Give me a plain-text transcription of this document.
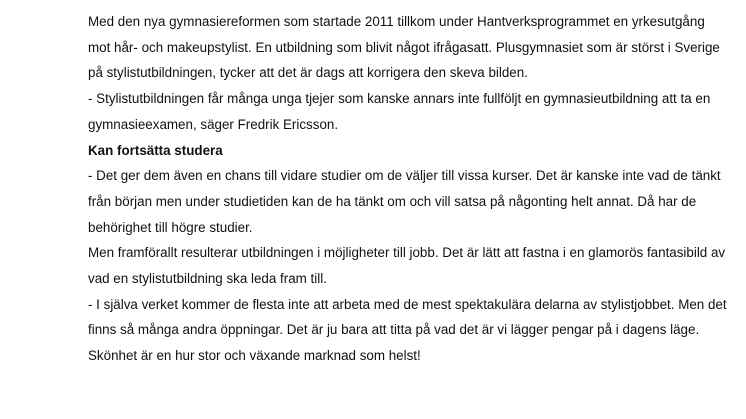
Med den nya gymnasiereformen som startade 2011 tillkom under Hantverksprogrammet en yrkesutgång mot hår- och makeupstylist. En utbildning som blivit något ifrågasatt. Plusgymnasiet som är störst i Sverige på stylistutbildningen, tycker att det är dags att korrigera den skeva bilden.

- Stylistutbildningen får många unga tjejer som kanske annars inte fullföljt en gymnasieutbildning att ta en gymnasieexamen, säger Fredrik Ericsson.

Kan fortsätta studera

- Det ger dem även en chans till vidare studier om de väljer till vissa kurser. Det är kanske inte vad de tänkt från början men under studietiden kan de ha tänkt om och vill satsa på någonting helt annat. Då har de behörighet till högre studier.

Men framförallt resulterar utbildningen i möjligheter till jobb. Det är lätt att fastna i en glamorös fantasibild av vad en stylistutbildning ska leda fram till.

- I själva verket kommer de flesta inte att arbeta med de mest spektakulära delarna av stylistjobbet. Men det finns så många andra öppningar. Det är ju bara att titta på vad det är vi lägger pengar på i dagens läge. Skönhet är en hur stor och växande marknad som helst!
